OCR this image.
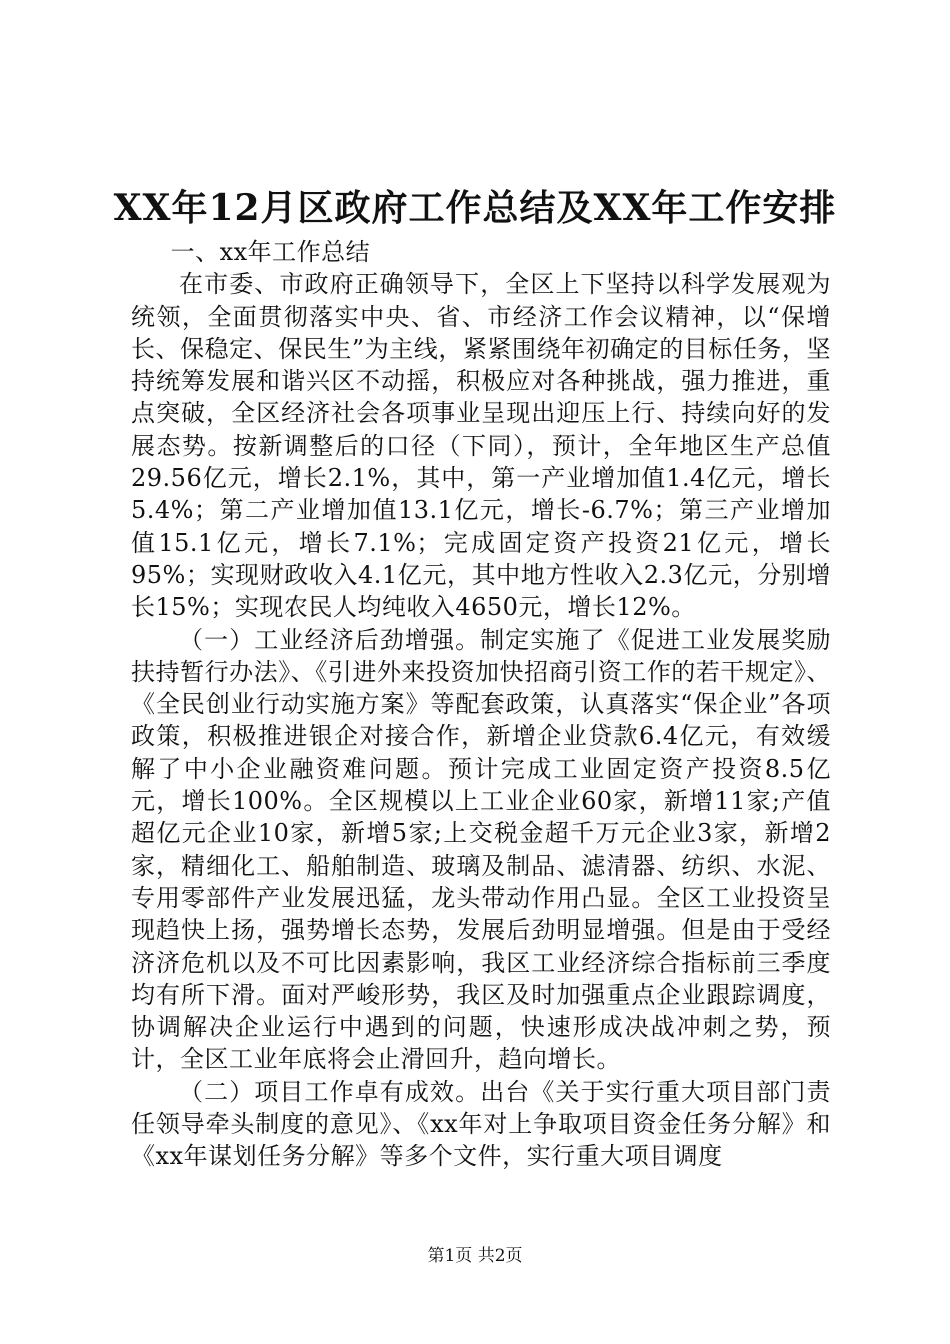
XX年12月区政府工作总结及XX年工作安排

一、xx年工作总结

在市委、市政府正确领导下，全区上下坚持以科学发展观为统领，全面贯彻落实中央、省、市经济工作会议精神，以“保增长、保稳定、保民生”为主线，紧紧围绕年初确定的目标任务，坚持统筹发展和谐兴区不动摇，积极应对各种挑战，强力推进，重点突破，全区经济社会各项事业呈现出迎压上行、持续向好的发展态势。按新调整后的口径（下同），预计，全年地区生产总值29.56亿元，增长2.1%，其中，第一产业增加值1.4亿元，增长5.4%；第二产业增加值13.1亿元，增长-6.7%；第三产业增加值15.1亿元，增长7.1%；完成固定资产投资21亿元，增长95%；实现财政收入4.1亿元，其中地方性收入2.3亿元，分别增长15%；实现农民人均纯收入4650元，增长12%。

（一）工业经济后劲增强。制定实施了《促进工业发展奖励扶持暂行办法》、《引进外来投资加快招商引资工作的若干规定》、《全民创业行动实施方案》等配套政策，认真落实“保企业”各项政策，积极推进银企对接合作，新增企业贷款6.4亿元，有效缓解了中小企业融资难问题。预计完成工业固定资产投资8.5亿元，增长100%。全区规模以上工业企业60家，新增11家;产值超亿元企业10家，新增5家;上交税金超千万元企业3家，新增2家，精细化工、船舶制造、玻璃及制品、滤清器、纺织、水泥、专用零部件产业发展迅猛，龙头带动作用凸显。全区工业投资呈现趋快上扬，强势增长态势，发展后劲明显增强。但是由于受经济济危机以及不可比因素影响，我区工业经济综合指标前三季度均有所下滑。面对严峻形势，我区及时加强重点企业跟踪调度，协调解决企业运行中遇到的问题，快速形成决战冲刺之势，预计，全区工业年底将会止滑回升，趋向增长。

（二）项目工作卓有成效。出台《关于实行重大项目部门责任领导牵头制度的意见》、《xx年对上争取项目资金任务分解》和《xx年谋划任务分解》等多个文件，实行重大项目调度

第1页 共2页
